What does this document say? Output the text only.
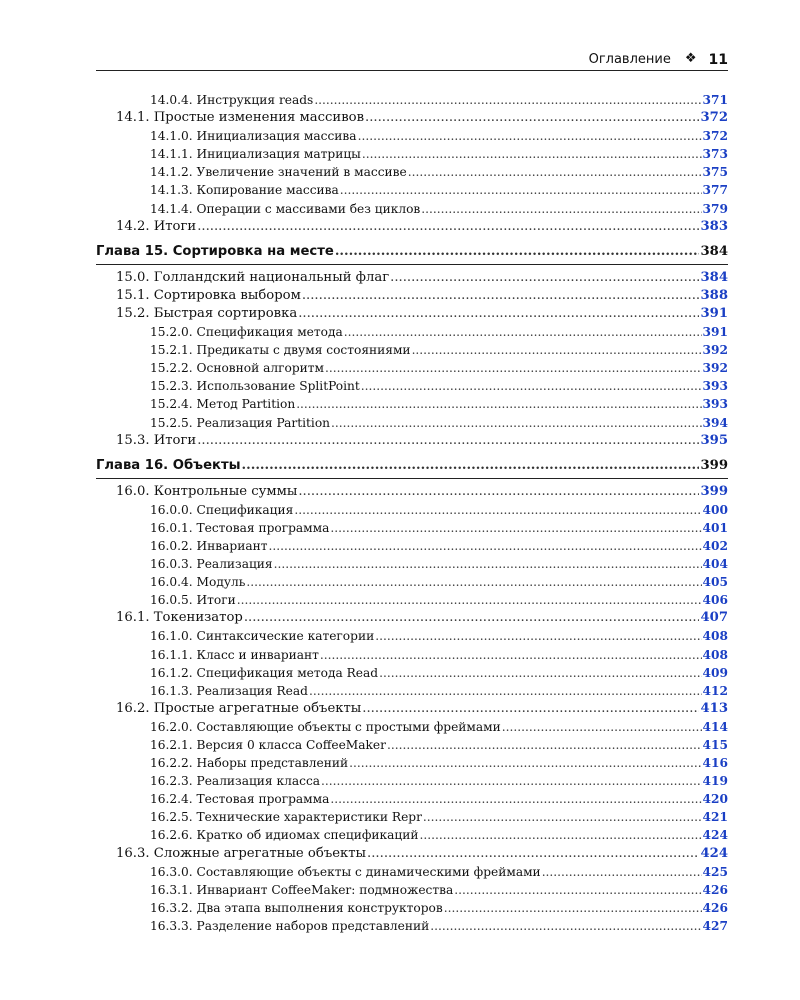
Оглавление	❖ 11
14.0.4. Инструкция reads .....	371
14.1. Простые изменения массивов .....	372
14.1.0. Инициализация массива .....	372
14.1.1. Инициализация матрицы .....	373
14.1.2. Увеличение значений в массиве .....	375
14.1.3. Копирование массива .....	377
14.1.4. Операции с массивами без циклов .....	379
14.2. Итоги .....	383
Глава 15. Сортировка на месте .....	384
15.0. Голландский национальный флаг .....	384
15.1. Сортировка выбором .....	388
15.2. Быстрая сортировка .....	391
15.2.0. Спецификация метода .....	391
15.2.1. Предикаты с двумя состояниями .....	392
15.2.2. Основной алгоритм .....	392
15.2.3. Использование SplitPoint .....	393
15.2.4. Метод Partition .....	393
15.2.5. Реализация Partition .....	394
15.3. Итоги .....	395
Глава 16. Объекты .....	399
16.0. Контрольные суммы .....	399
16.0.0. Спецификация .....	400
16.0.1. Тестовая программа .....	401
16.0.2. Инвариант .....	402
16.0.3. Реализация .....	404
16.0.4. Модуль .....	405
16.0.5. Итоги .....	406
16.1. Токенизатор .....	407
16.1.0. Синтаксические категории .....	408
16.1.1. Класс и инвариант .....	408
16.1.2. Спецификация метода Read .....	409
16.1.3. Реализация Read .....	412
16.2. Простые агрегатные объекты .....	413
16.2.0. Составляющие объекты с простыми фреймами .....	414
16.2.1. Версия 0 класса CoffeeMaker .....	415
16.2.2. Наборы представлений .....	416
16.2.3. Реализация класса .....	419
16.2.4. Тестовая программа .....	420
16.2.5. Технические характеристики Repr .....	421
16.2.6. Кратко об идиомах спецификаций .....	424
16.3. Сложные агрегатные объекты .....	424
16.3.0. Составляющие объекты с динамическими фреймами .....	425
16.3.1. Инвариант CoffeeMaker: подмножества .....	426
16.3.2. Два этапа выполнения конструкторов .....	426
16.3.3. Разделение наборов представлений .....	427
